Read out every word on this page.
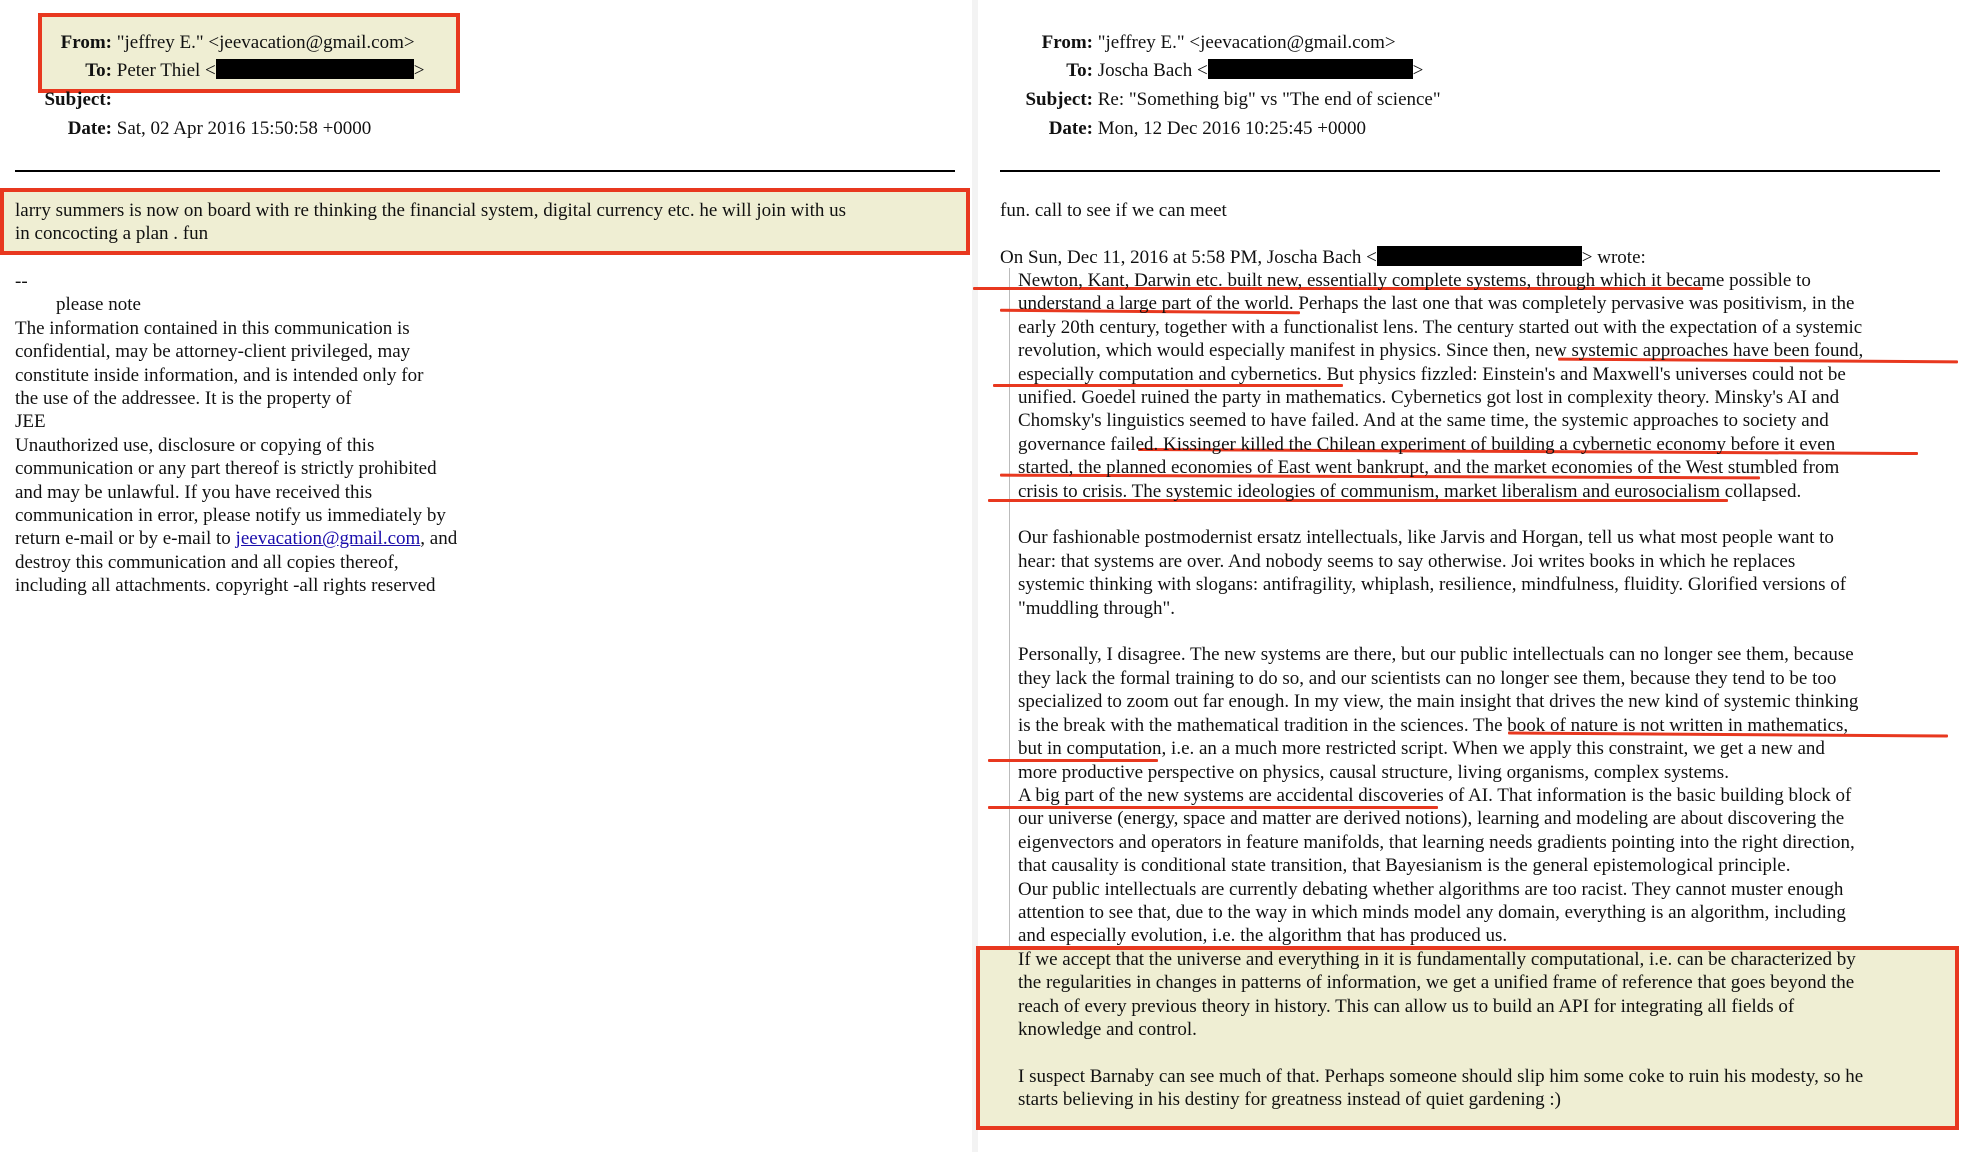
From: "jeffrey E." <jeevacation@gmail.com>
To: Peter Thiel <	>
Subject:
Date: Sat, 02 Apr 2016 15:50:58 +0000

larry summers is now on board with re thinking the financial system, digital currency etc. he will join with us

in concocting a plan . fun

--

please note

The information contained in this communication is

confidential, may be attorney-client privileged, may

constitute inside information, and is intended only for

the use of the addressee. It is the property of

JEE

Unauthorized use, disclosure or copying of this

communication or any part thereof is strictly prohibited

and may be unlawful. If you have received this

communication in error, please notify us immediately by

return e-mail or by e-mail to jeevacation@gmail.com, and

destroy this communication and all copies thereof,

including all attachments. copyright -all rights reserved

From: "jeffrey E." <jeevacation@gmail.com>
To: Joscha Bach <	>
Subject: Re: "Something big" vs "The end of science"
Date: Mon, 12 Dec 2016 10:25:45 +0000
fun. call to see if we can meet
On Sun, Dec 11, 2016 at 5:58 PM, Joscha Bach <	> wrote:

Newton, Kant, Darwin etc. built new, essentially complete systems, through which it became possible to

understand a large part of the world. Perhaps the last one that was completely pervasive was positivism, in the

early 20th century, together with a functionalist lens. The century started out with the expectation of a systemic

revolution, which would especially manifest in physics. Since then, new systemic approaches have been found,

especially computation and cybernetics. But physics fizzled: Einstein's and Maxwell's universes could not be

unified. Goedel ruined the party in mathematics. Cybernetics got lost in complexity theory. Minsky's AI and

Chomsky's linguistics seemed to have failed. And at the same time, the systemic approaches to society and

governance failed. Kissinger killed the Chilean experiment of building a cybernetic economy before it even

started, the planned economies of East went bankrupt, and the market economies of the West stumbled from

crisis to crisis. The systemic ideologies of communism, market liberalism and eurosocialism collapsed.

Our fashionable postmodernist ersatz intellectuals, like Jarvis and Horgan, tell us what most people want to

hear: that systems are over. And nobody seems to say otherwise. Joi writes books in which he replaces

systemic thinking with slogans: antifragility, whiplash, resilience, mindfulness, fluidity. Glorified versions of

"muddling through".

Personally, I disagree. The new systems are there, but our public intellectuals can no longer see them, because

they lack the formal training to do so, and our scientists can no longer see them, because they tend to be too

specialized to zoom out far enough. In my view, the main insight that drives the new kind of systemic thinking

is the break with the mathematical tradition in the sciences. The book of nature is not written in mathematics,

but in computation, i.e. an a much more restricted script. When we apply this constraint, we get a new and

more productive perspective on physics, causal structure, living organisms, complex systems.

A big part of the new systems are accidental discoveries of AI. That information is the basic building block of

our universe (energy, space and matter are derived notions), learning and modeling are about discovering the

eigenvectors and operators in feature manifolds, that learning needs gradients pointing into the right direction,

that causality is conditional state transition, that Bayesianism is the general epistemological principle.

Our public intellectuals are currently debating whether algorithms are too racist. They cannot muster enough

attention to see that, due to the way in which minds model any domain, everything is an algorithm, including

and especially evolution, i.e. the algorithm that has produced us.

If we accept that the universe and everything in it is fundamentally computational, i.e. can be characterized by

the regularities in changes in patterns of information, we get a unified frame of reference that goes beyond the

reach of every previous theory in history. This can allow us to build an API for integrating all fields of

knowledge and control.

I suspect Barnaby can see much of that. Perhaps someone should slip him some coke to ruin his modesty, so he

starts believing in his destiny for greatness instead of quiet gardening :)
